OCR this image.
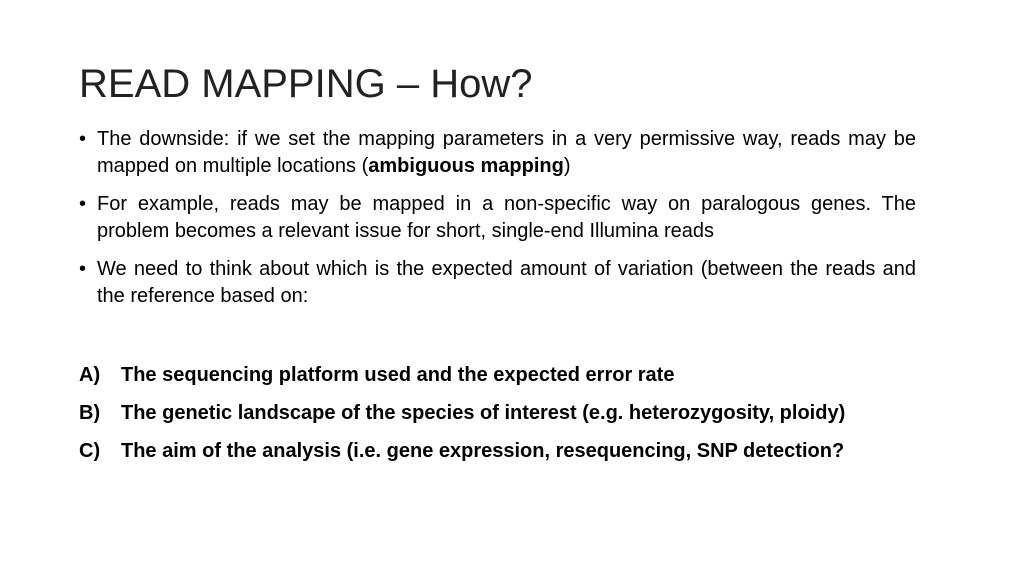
READ MAPPING – How?
• The downside: if we set the mapping parameters in a very permissive way, reads may be mapped on multiple locations (ambiguous mapping)
• For example, reads may be mapped in a non-specific way on paralogous genes. The problem becomes a relevant issue for short, single-end Illumina reads
• We need to think about which is the expected amount of variation (between the reads and the reference based on:
A) The sequencing platform used and the expected error rate
B) The genetic landscape of the species of interest (e.g. heterozygosity, ploidy)
C) The aim of the analysis (i.e. gene expression, resequencing, SNP detection?
